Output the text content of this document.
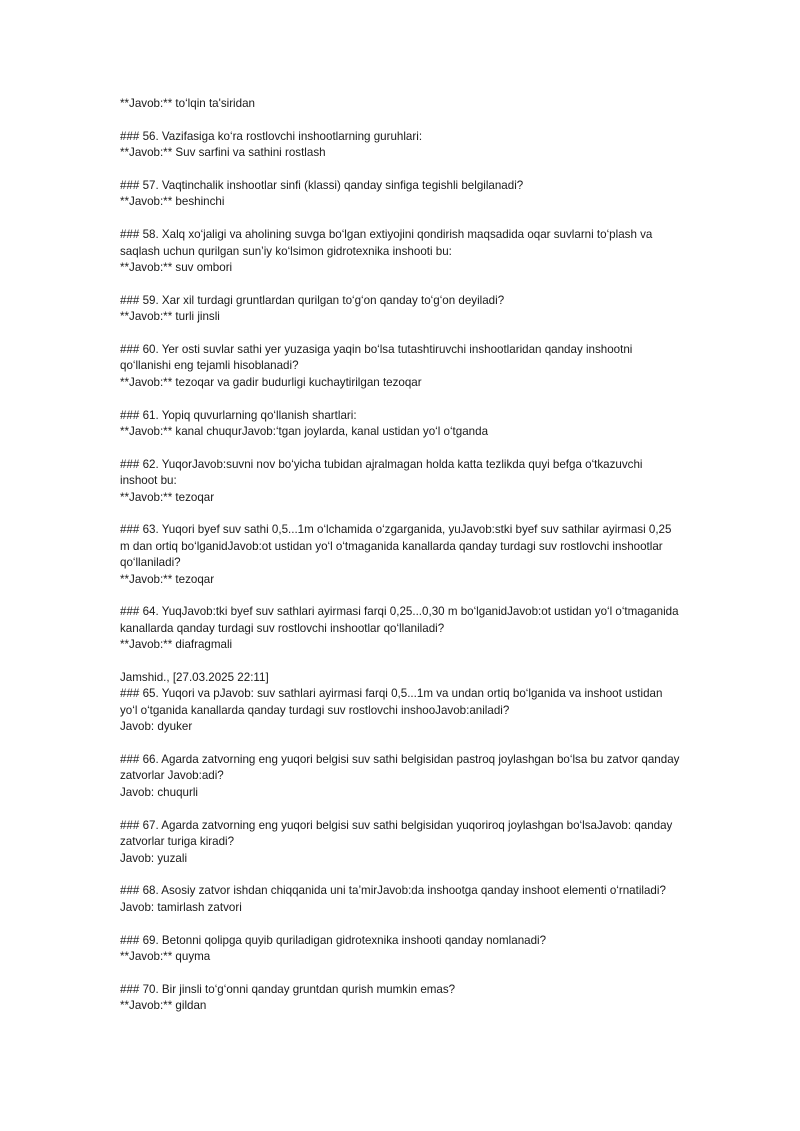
**Javob:** to‘lqin ta'siridan
### 56. Vazifasiga ko‘ra rostlovchi inshootlarning guruhlari:
**Javob:** Suv sarfini va sathini rostlash
### 57. Vaqtinchalik inshootlar sinfi (klassi) qanday sinfiga tegishli belgilanadi?
**Javob:** beshinchi
### 58. Xalq xo‘jaligi va aholining suvga bo‘lgan extiyojini qondirish maqsadida oqar suvlarni to‘plash va saqlash uchun qurilgan sun’iy ko‘lsimon gidrotexnika inshooti bu:
**Javob:** suv ombori
### 59. Xar xil turdagi gruntlardan qurilgan to‘g‘on qanday to‘g‘on deyiladi?
**Javob:** turli jinsli
### 60. Yer osti suvlar sathi yer yuzasiga yaqin bo‘lsa tutashtiruvchi inshootlaridan qanday inshootni qo‘llanishi eng tejamli hisoblanadi?
**Javob:** tezoqar va gadir budurligi kuchaytirilgan tezoqar
### 61. Yopiq quvurlarning qo‘llanish shartlari:
**Javob:** kanal chuqurJavob:‘tgan joylarda, kanal ustidan yo‘l o‘tganda
### 62. YuqorJavob:suvni nov bo‘yicha tubidan ajralmagan holda katta tezlikda quyi befga o‘tkazuvchi inshoot bu:
**Javob:** tezoqar
### 63. Yuqori byef suv sathi 0,5...1m o‘lchamida o‘zgarganida, yuJavob:stki byef suv sathilar ayirmasi 0,25 m dan ortiq bo‘lganidJavob:ot ustidan yo‘l o‘tmaganida kanallarda qanday turdagi suv rostlovchi inshootlar qo‘llaniladi?
**Javob:** tezoqar
### 64. YuqJavob:tki byef suv sathlari ayirmasi farqi 0,25...0,30 m bo‘lganidJavob:ot ustidan yo‘l o‘tmaganida kanallarda qanday turdagi suv rostlovchi inshootlar qo‘llaniladi?
**Javob:** diafragmali
Jamshid., [27.03.2025 22:11]
### 65. Yuqori va pJavob: suv sathlari ayirmasi farqi 0,5...1m va undan ortiq bo‘lganida va inshoot ustidan yo‘l o‘tganida kanallarda qanday turdagi suv rostlovchi inshooJavob:aniladi?
Javob: dyuker
### 66. Agarda zatvorning eng yuqori belgisi suv sathi belgisidan pastroq joylashgan bo‘lsa bu zatvor qanday zatvorlar Javob:adi?
Javob: chuqurli
### 67. Agarda zatvorning eng yuqori belgisi suv sathi belgisidan yuqoriroq joylashgan bo‘lsaJavob: qanday zatvorlar turiga kiradi?
Javob: yuzali
### 68. Asosiy zatvor ishdan chiqqanida uni ta’mirJavob:da inshootga qanday inshoot elementi o‘rnatiladi?
Javob: tamirlash zatvori
### 69. Betonni qolipga quyib quriladigan gidrotexnika inshooti qanday nomlanadi?
**Javob:** quyma
### 70. Bir jinsli to‘g‘onni qanday gruntdan qurish mumkin emas?
**Javob:** gildan
